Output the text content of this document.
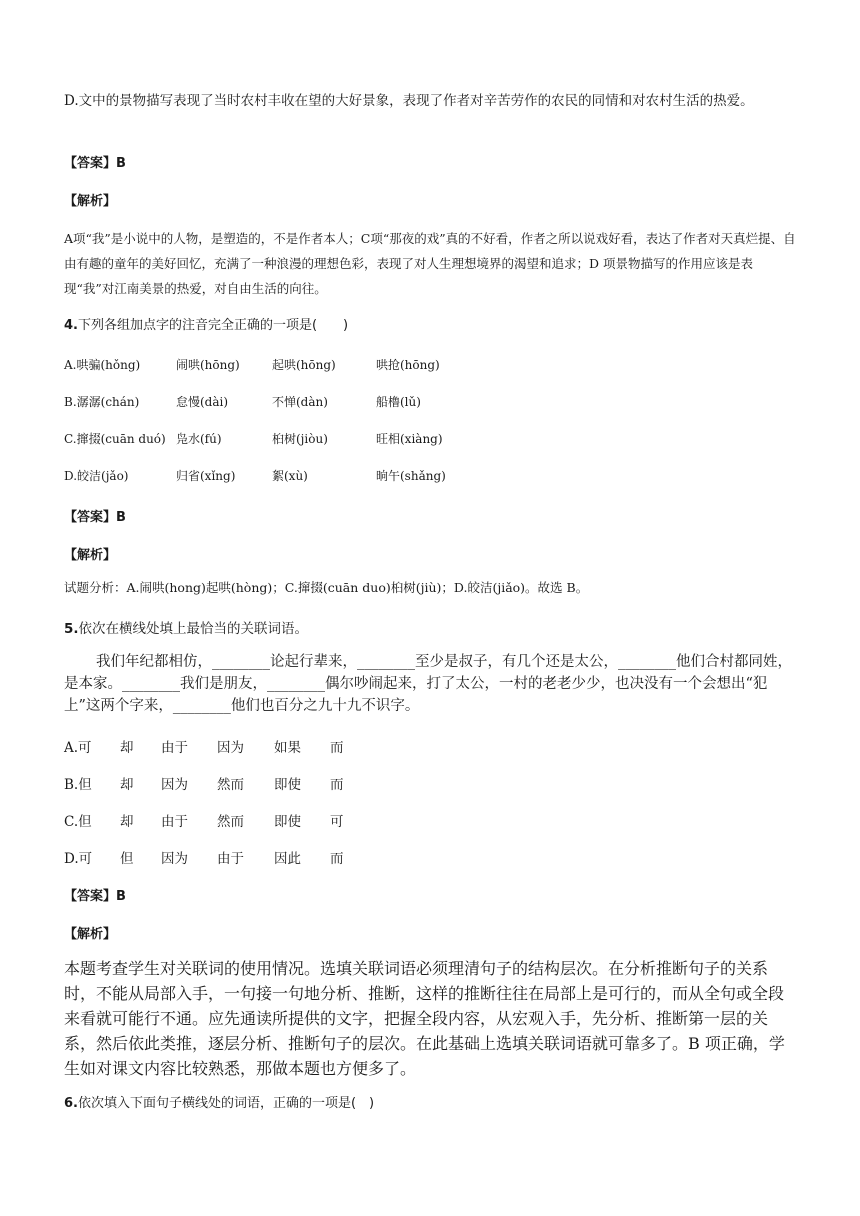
D.文中的景物描写表现了当时农村丰收在望的大好景象，表现了作者对辛苦劳作的农民的同情和对农村生活的热爱。
【答案】B
【解析】
A项“我”是小说中的人物，是塑造的，不是作者本人；C项“那夜的戏”真的不好看，作者之所以说戏好看，表达了作者对天真烂提、自由有趣的童年的美好回忆，充满了一种浪漫的理想色彩，表现了对人生理想境界的渴望和追求；D 项景物描写的作用应该是表现“我”对江南美景的热爱，对自由生活的向往。
4.下列各组加点字的注音完全正确的一项是(　　)
A.哄骗(hǒng)	闹哄(hōng)	起哄(hōng)	哄抢(hōng)
B.潺潺(chán)	怠慢(dài)	不惮(dàn)	船橹(lǔ)
C.撺掇(cuān duó) 凫水(fú)	桕树(jiòu)	旺相(xiàng)
D.皎洁(jǎo)	归省(xǐng)	絮(xù)	晌午(shǎng)
【答案】B
【解析】
试题分析：A.闹哄(hong)起哄(hòng)；C.撺掇(cuān duo)桕树(jiù)；D.皎洁(jiǎo)。故选 B。
5.依次在横线处填上最恰当的关联词语。
我们年纪都相仿，________论起行辈来，________至少是叔子，有几个还是太公，________他们合村都同姓，是本家。________我们是朋友，________偶尔吵闹起来，打了太公，一村的老老少少，也决没有一个会想出“犯上”这两个字来，________他们也百分之九十九不识字。
A.可 却 由于 因为 如果 而
B.但 却 因为 然而 即使 而
C.但 却 由于 然而 即使 可
D.可 但 因为 由于 因此 而
【答案】B
【解析】
本题考查学生对关联词的使用情况。选填关联词语必须理清句子的结构层次。在分析推断句子的关系时，不能从局部入手，一句接一句地分析、推断，这样的推断往往在局部上是可行的，而从全句或全段来看就可能行不通。应先通读所提供的文字，把握全段内容，从宏观入手，先分析、推断第一层的关系，然后依此类推，逐层分析、推断句子的层次。在此基础上选填关联词语就可靠多了。B 项正确，学生如对课文内容比较熟悉，那做本题也方便多了。
6.依次填入下面句子横线处的词语，正确的一项是(　)
